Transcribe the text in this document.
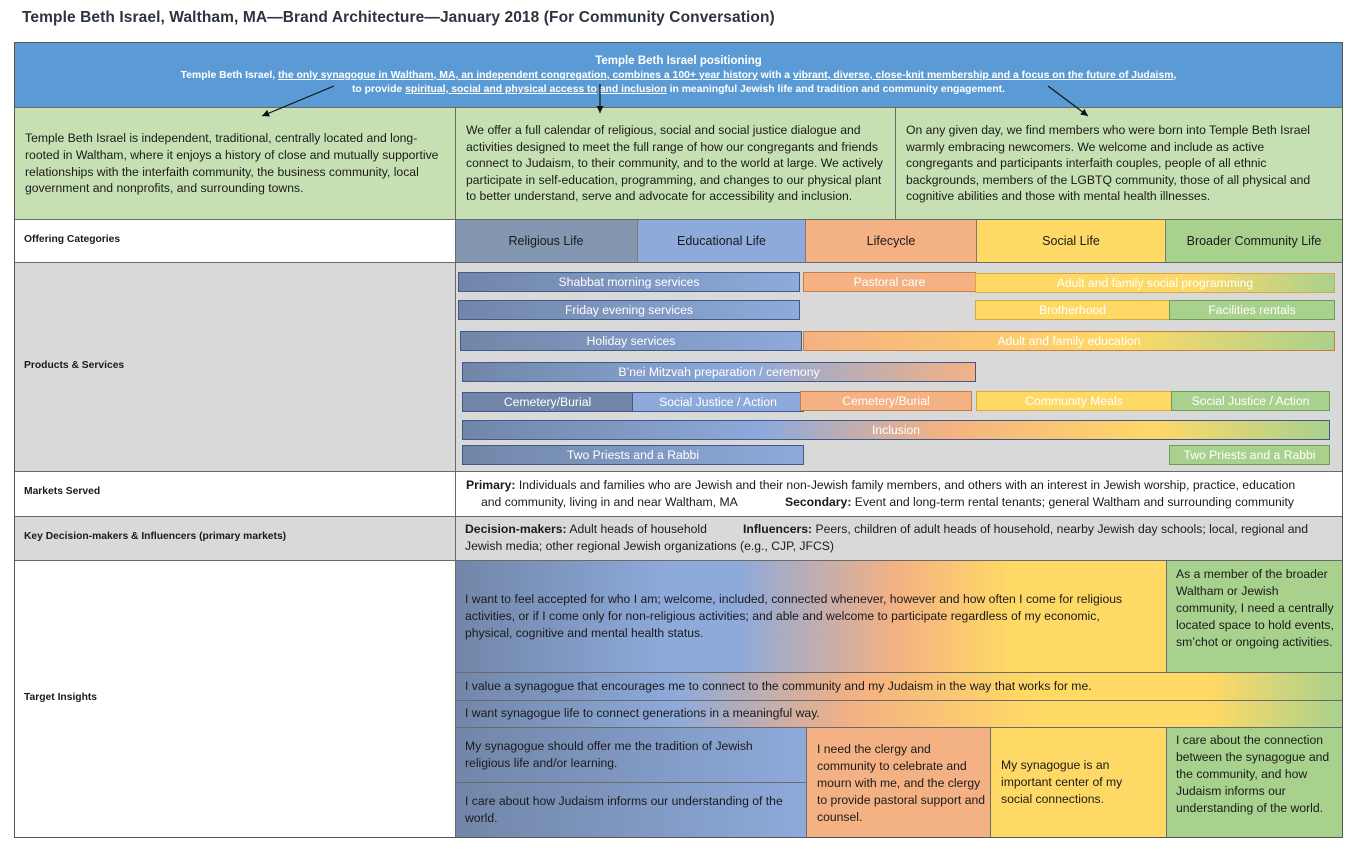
Temple Beth Israel, Waltham, MA—Brand Architecture—January 2018 (For Community Conversation)
Temple Beth Israel positioning
Temple Beth Israel, the only synagogue in Waltham, MA, an independent congregation, combines a 100+ year history with a vibrant, diverse, close-knit membership and a focus on the future of Judaism,
to provide spiritual, social and physical access to and inclusion in meaningful Jewish life and tradition and community engagement.
Temple Beth Israel is independent, traditional, centrally located and long-rooted in Waltham, where it enjoys a history of close and mutually supportive relationships with the interfaith community, the business community, local government and nonprofits, and surrounding towns.
We offer a full calendar of religious, social and social justice dialogue and activities designed to meet the full range of how our congregants and friends connect to Judaism, to their community, and to the world at large. We actively participate in self-education, programming, and changes to our physical plant to better understand, serve and advocate for accessibility and inclusion.
On any given day, we find members who were born into Temple Beth Israel warmly embracing newcomers. We welcome and include as active congregants and participants interfaith couples, people of all ethnic backgrounds, members of the LGBTQ community, those of all physical and cognitive abilities and those with mental health illnesses.
Offering Categories	Religious Life	Educational Life	Lifecycle	Social Life	Broader Community Life
Products & Services
Shabbat morning services	Pastoral care	Adult and family social programming
Friday evening services	Brotherhood	Facilities rentals
Holiday services	Adult and family education
B’nei Mitzvah preparation / ceremony
Cemetery/Burial	Social Justice / Action	Cemetery/Burial	Community Meals	Social Justice / Action
Inclusion
Two Priests and a Rabbi	Two Priests and a Rabbi
Markets Served	Primary: Individuals and families who are Jewish and their non-Jewish family members, and others with an interest in Jewish worship, practice, education
and community, living in and near Waltham, MA	Secondary: Event and long-term rental tenants; general Waltham and surrounding community
Key Decision-makers & Influencers (primary markets)
Decision-makers: Adult heads of household	Influencers: Peers, children of adult heads of household, nearby Jewish day schools; local, regional and
Jewish media; other regional Jewish organizations (e.g., CJP, JFCS)
Target Insights
I want to feel accepted for who I am; welcome, included, connected whenever, however and how often I come for religious activities, or if I come only for non-religious activities; and able and welcome to participate regardless of my economic, physical, cognitive and mental health status.
As a member of the broader Waltham or Jewish community, I need a centrally located space to hold events, sm’chot or ongoing activities.
I value a synagogue that encourages me to connect to the community and my Judaism in the way that works for me.
I want synagogue life to connect generations in a meaningful way.
My synagogue should offer me the tradition of Jewish religious life and/or learning.
I care about how Judaism informs our understanding of the world.
I need the clergy and community to celebrate and mourn with me, and the clergy to provide pastoral support and counsel.
My synagogue is an important center of my social connections.
I care about the connection between the synagogue and the community, and how Judaism informs our understanding of the world.
